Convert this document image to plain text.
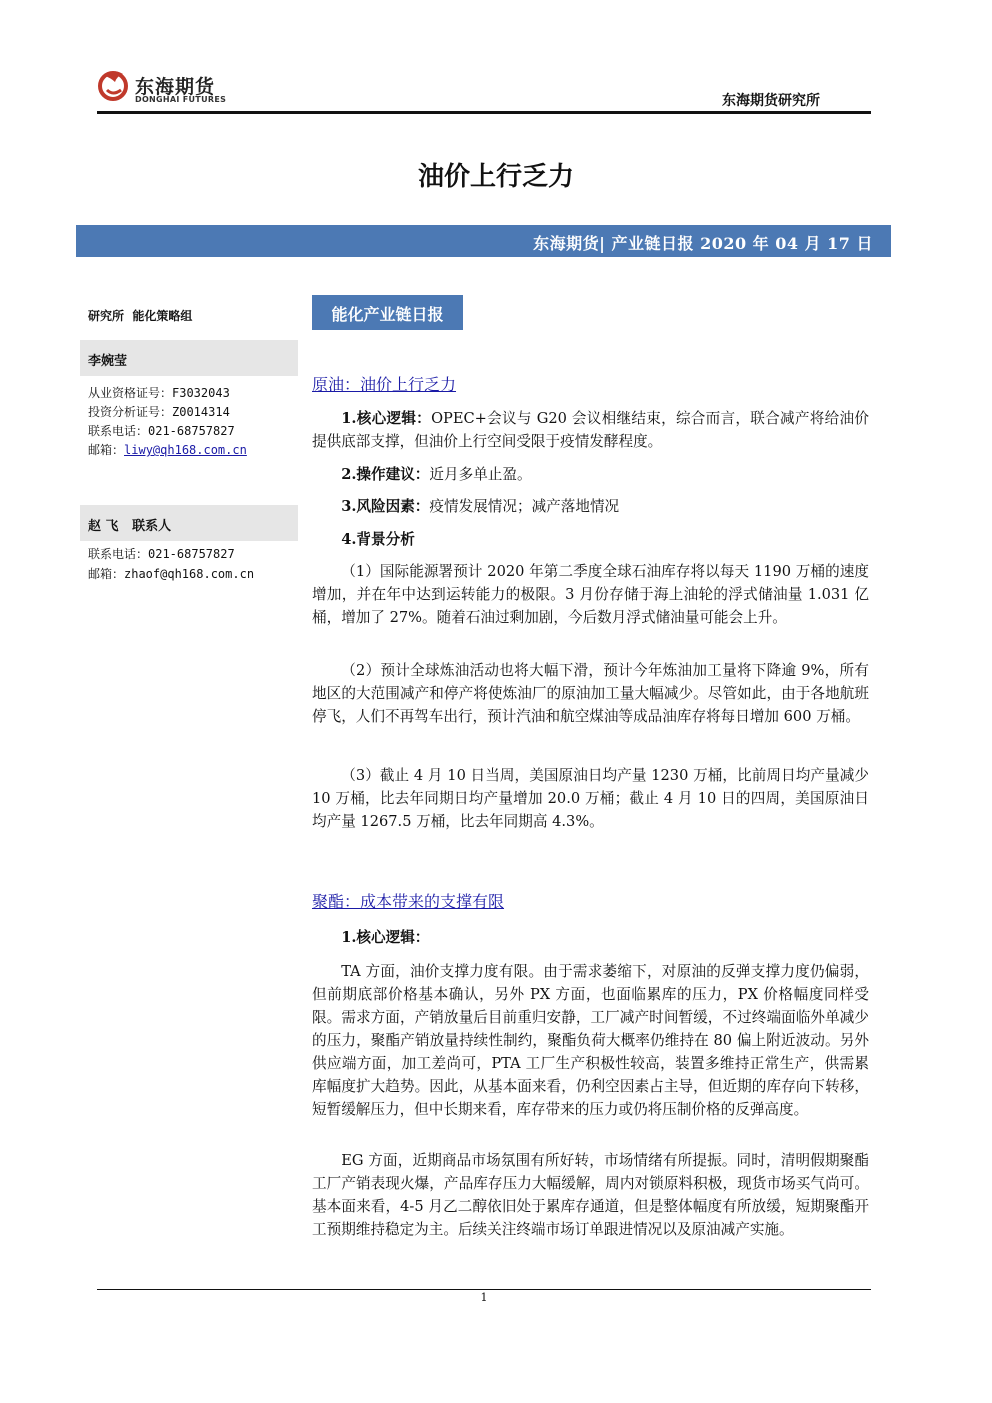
东海期货
DONGHAI FUTURES	东海期货研究所
油价上行乏力
东海期货| 产业链日报 2020 年 04 月 17 日
研究所  能化策略组
李婉莹
从业资格证号：F3032043
投资分析证号：Z0014314
联系电话：021-68757827
邮箱：liwy@qh168.com.cn
赵 飞   联系人
联系电话：021-68757827
邮箱：zhaof@qh168.com.cn
能化产业链日报
原油：油价上行乏力
1.核心逻辑：OPEC+会议与 G20 会议相继结束，综合而言，联合减产将给油价提供底部支撑，但油价上行空间受限于疫情发酵程度。
2.操作建议：近月多单止盈。
3.风险因素：疫情发展情况；减产落地情况
4.背景分析
（1）国际能源署预计 2020 年第二季度全球石油库存将以每天 1190 万桶的速度增加，并在年中达到运转能力的极限。3 月份存储于海上油轮的浮式储油量 1.031 亿桶，增加了 27%。随着石油过剩加剧，今后数月浮式储油量可能会上升。
（2）预计全球炼油活动也将大幅下滑，预计今年炼油加工量将下降逾 9%，所有地区的大范围减产和停产将使炼油厂的原油加工量大幅减少。尽管如此，由于各地航班停飞，人们不再驾车出行，预计汽油和航空煤油等成品油库存将每日增加 600 万桶。
（3）截止 4 月 10 日当周，美国原油日均产量 1230 万桶，比前周日均产量减少 10 万桶，比去年同期日均产量增加 20.0 万桶；截止 4 月 10 日的四周，美国原油日均产量 1267.5 万桶，比去年同期高 4.3%。
聚酯：成本带来的支撑有限
1.核心逻辑：
TA 方面，油价支撑力度有限。由于需求萎缩下，对原油的反弹支撑力度仍偏弱，但前期底部价格基本确认，另外 PX 方面，也面临累库的压力，PX 价格幅度同样受限。需求方面，产销放量后目前重归安静，工厂减产时间暂缓，不过终端面临外单减少的压力，聚酯产销放量持续性制约，聚酯负荷大概率仍维持在 80 偏上附近波动。另外供应端方面，加工差尚可，PTA 工厂生产积极性较高，装置多维持正常生产，供需累库幅度扩大趋势。因此，从基本面来看，仍利空因素占主导，但近期的库存向下转移，短暂缓解压力，但中长期来看，库存带来的压力或仍将压制价格的反弹高度。
EG 方面，近期商品市场氛围有所好转，市场情绪有所提振。同时，清明假期聚酯工厂产销表现火爆，产品库存压力大幅缓解，周内对锁原料积极，现货市场买气尚可。基本面来看，4-5 月乙二醇依旧处于累库存通道，但是整体幅度有所放缓，短期聚酯开工预期维持稳定为主。后续关注终端市场订单跟进情况以及原油减产实施。
1
